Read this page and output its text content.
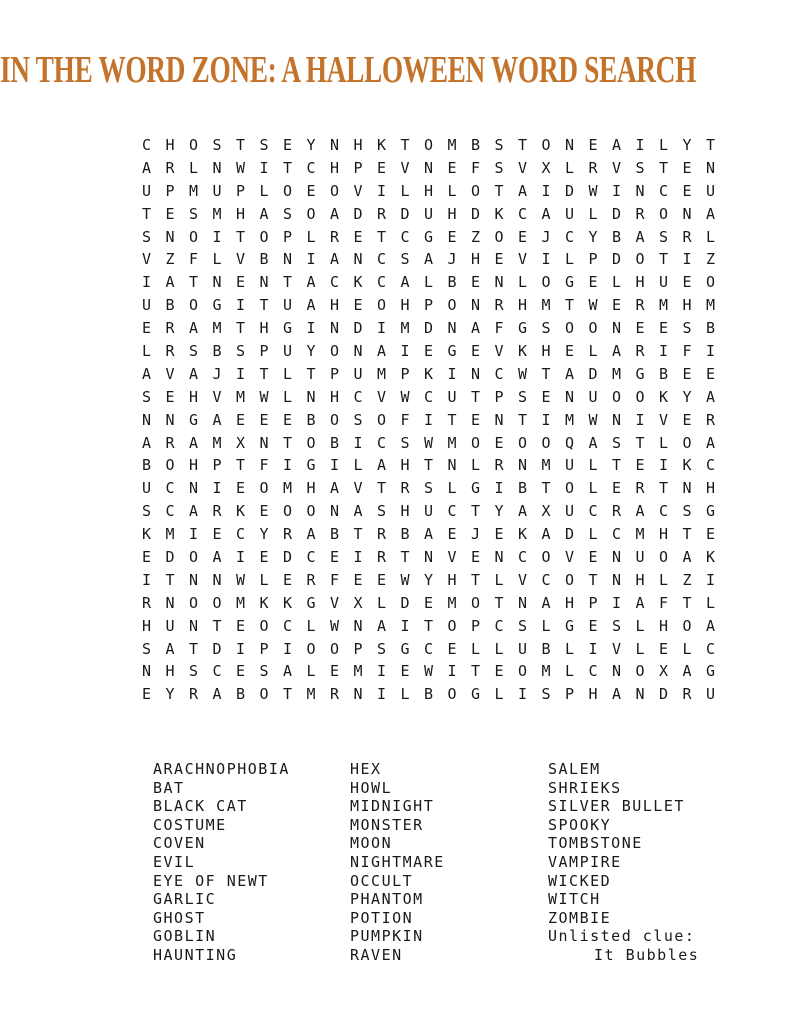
IN THE WORD ZONE: A HALLOWEEN WORD SEARCH
C H O S T S E Y N H K T O M B S T O N E A I L Y T
A R L N W I T C H P E V N E F S V X L R V S T E N
U P M U P L O E O V I L H L O T A I D W I N C E U
T E S M H A S O A D R D U H D K C A U L D R O N A
S N O I T O P L R E T C G E Z O E J C Y B A S R L
V Z F L V B N I A N C S A J H E V I L P D O T I Z
I A T N E N T A C K C A L B E N L O G E L H U E O
U B O G I T U A H E O H P O N R H M T W E R M H M
E R A M T H G I N D I M D N A F G S O O N E E S B
L R S B S P U Y O N A I E G E V K H E L A R I F I
A V A J I T L T P U M P K I N C W T A D M G B E E
S E H V M W L N H C V W C U T P S E N U O O K Y A
N N G A E E E B O S O F I T E N T I M W N I V E R
A R A M X N T O B I C S W M O E O O Q A S T L O A
B O H P T F I G I L A H T N L R N M U L T E I K C
U C N I E O M H A V T R S L G I B T O L E R T N H
S C A R K E O O N A S H U C T Y A X U C R A C S G
K M I E C Y R A B T R B A E J E K A D L C M H T E
E D O A I E D C E I R T N V E N C O V E N U O A K
I T N N W L E R F E E W Y H T L V C O T N H L Z I
R N O O M K K G V X L D E M O T N A H P I A F T L
H U N T E O C L W N A I T O P C S L G E S L H O A
S A T D I P I O O P S G C E L L U B L I V L E L C
N H S C E S A L E M I E W I T E O M L C N O X A G
E Y R A B O T M R N I L B O G L I S P H A N D R U
ARACHNOPHOBIA
BAT
BLACK CAT
COSTUME
COVEN
EVIL
EYE OF NEWT
GARLIC
GHOST
GOBLIN
HAUNTING
HEX
HOWL
MIDNIGHT
MONSTER
MOON
NIGHTMARE
OCCULT
PHANTOM
POTION
PUMPKIN
RAVEN
SALEM
SHRIEKS
SILVER BULLET
SPOOKY
TOMBSTONE
VAMPIRE
WICKED
WITCH
ZOMBIE
Unlisted clue:
It Bubbles
